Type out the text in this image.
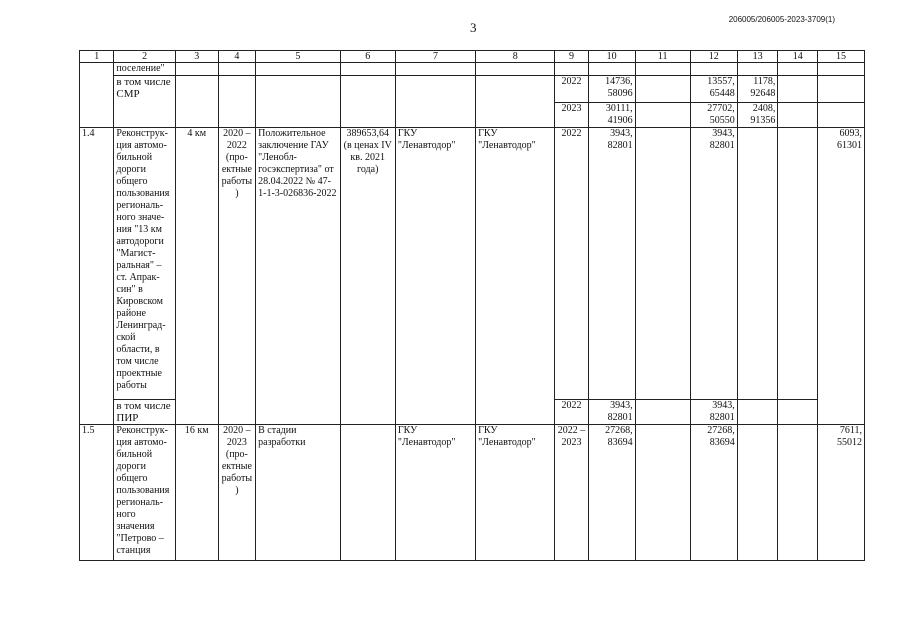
3
206005/206005-2023-3709(1)
1	2	3	4	5	6	7	8	9	10	11	12	13	14	15
	поселение"													
	в том числе СМР							2022	14736, 58096		13557, 65448	1178, 92648		
								2023	30111, 41906		27702, 50550	2408, 91356		
1.4	Реконструк-ция автомо-бильной дороги общего пользования региональ-ного значе-ния "13 км автодороги "Магист-ральная" – ст. Апрак-син" в Кировском районе Ленинград-ской области, в том числе проектные работы	4 км	2020 – 2022 (про-ектные работы)	Положительное заключение ГАУ "Ленобл-госэкспертиза" от 28.04.2022 № 47-1-1-3-026836-2022	389653,64 (в ценах IV кв. 2021 года)	ГКУ "Ленавтодор"	ГКУ "Ленавтодор"	2022	3943, 82801		3943, 82801			6093, 61301
	в том числе ПИР							2022	3943, 82801		3943, 82801			
1.5	Реконструк-ция автомо-бильной дороги общего пользования региональ-ного значения "Петрово – станция	16 км	2020 – 2023 (про-ектные работы)	В стадии разработки		ГКУ "Ленавтодор"	ГКУ "Ленавтодор"	2022 – 2023	27268, 83694		27268, 83694			7611, 55012
